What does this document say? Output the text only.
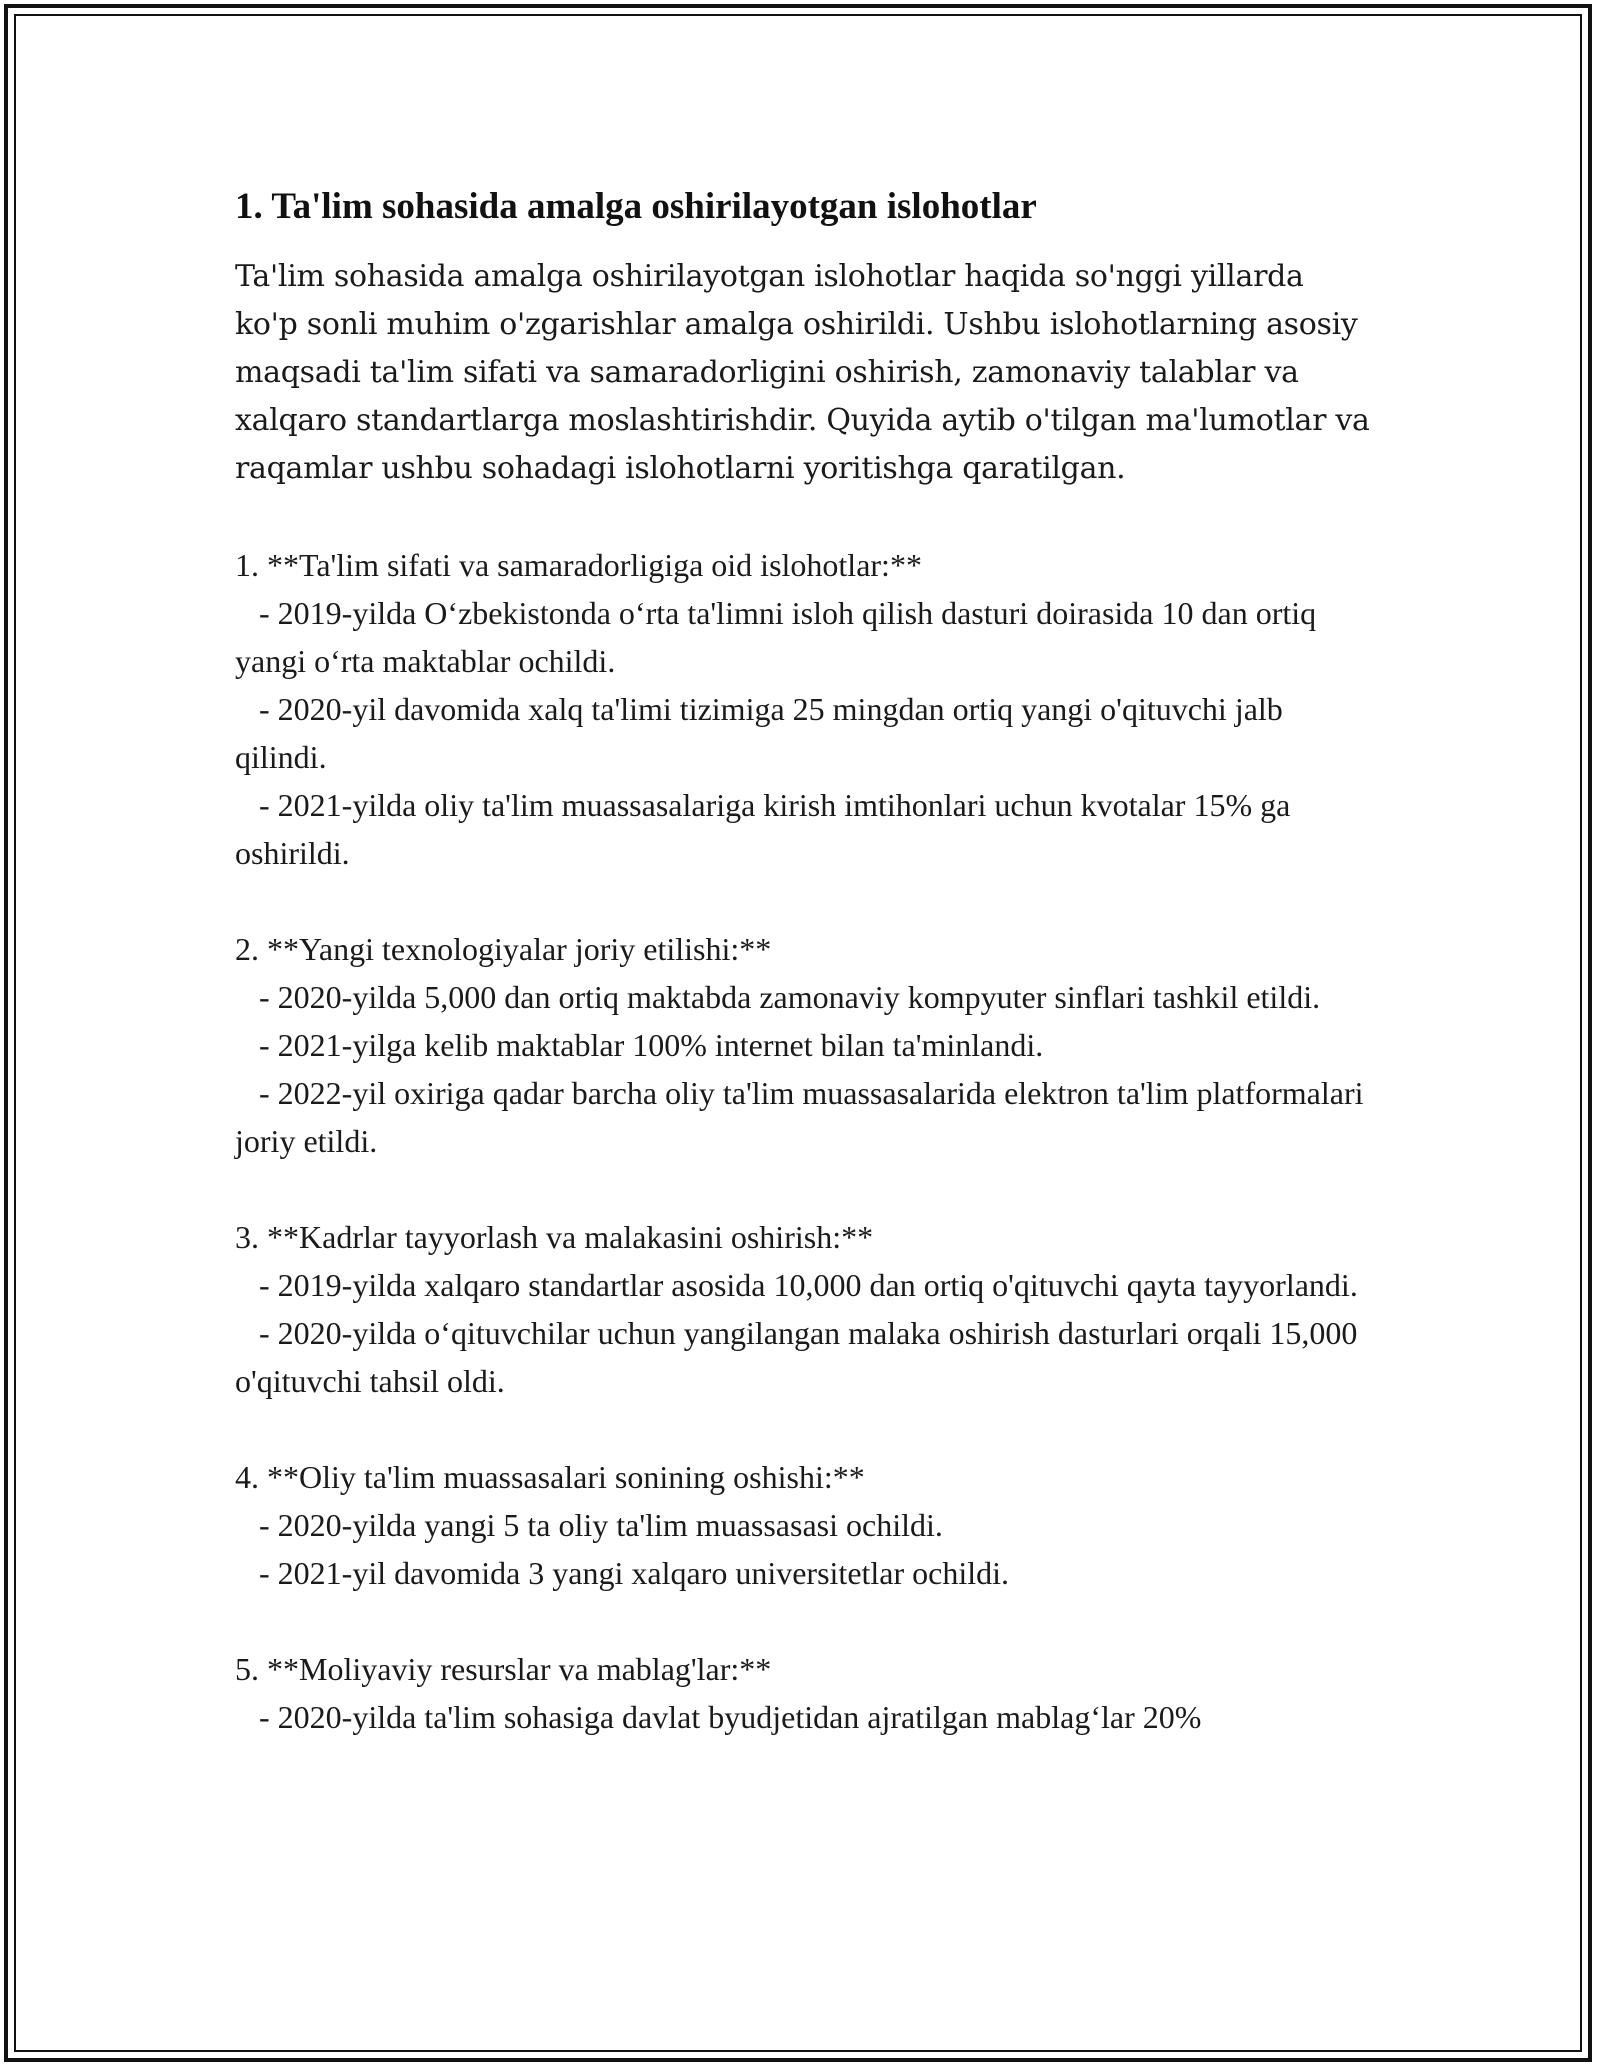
1. Ta'lim sohasida amalga oshirilayotgan islohotlar

Ta'lim sohasida amalga oshirilayotgan islohotlar haqida so'nggi yillarda ko'p sonli muhim o'zgarishlar amalga oshirildi. Ushbu islohotlarning asosiy maqsadi ta'lim sifati va samaradorligini oshirish, zamonaviy talablar va xalqaro standartlarga moslashtirishdir. Quyida aytib o'tilgan ma'lumotlar va raqamlar ushbu sohadagi islohotlarni yoritishga qaratilgan.

1. **Ta'lim sifati va samaradorligiga oid islohotlar:**

- 2019-yilda O‘zbekistonda o‘rta ta'limni isloh qilish dasturi doirasida 10 dan ortiq yangi o‘rta maktablar ochildi.

- 2020-yil davomida xalq ta'limi tizimiga 25 mingdan ortiq yangi o'qituvchi jalb qilindi.

- 2021-yilda oliy ta'lim muassasalariga kirish imtihonlari uchun kvotalar 15% ga oshirildi.

2. **Yangi texnologiyalar joriy etilishi:**

- 2020-yilda 5,000 dan ortiq maktabda zamonaviy kompyuter sinflari tashkil etildi.

- 2021-yilga kelib maktablar 100% internet bilan ta'minlandi.

- 2022-yil oxiriga qadar barcha oliy ta'lim muassasalarida elektron ta'lim platformalari joriy etildi.

3. **Kadrlar tayyorlash va malakasini oshirish:**

- 2019-yilda xalqaro standartlar asosida 10,000 dan ortiq o'qituvchi qayta tayyorlandi.

- 2020-yilda o‘qituvchilar uchun yangilangan malaka oshirish dasturlari orqali 15,000 o'qituvchi tahsil oldi.

4. **Oliy ta'lim muassasalari sonining oshishi:**

- 2020-yilda yangi 5 ta oliy ta'lim muassasasi ochildi.

- 2021-yil davomida 3 yangi xalqaro universitetlar ochildi.

5. **Moliyaviy resurslar va mablag'lar:**

- 2020-yilda ta'lim sohasiga davlat byudjetidan ajratilgan mablag‘lar 20%
